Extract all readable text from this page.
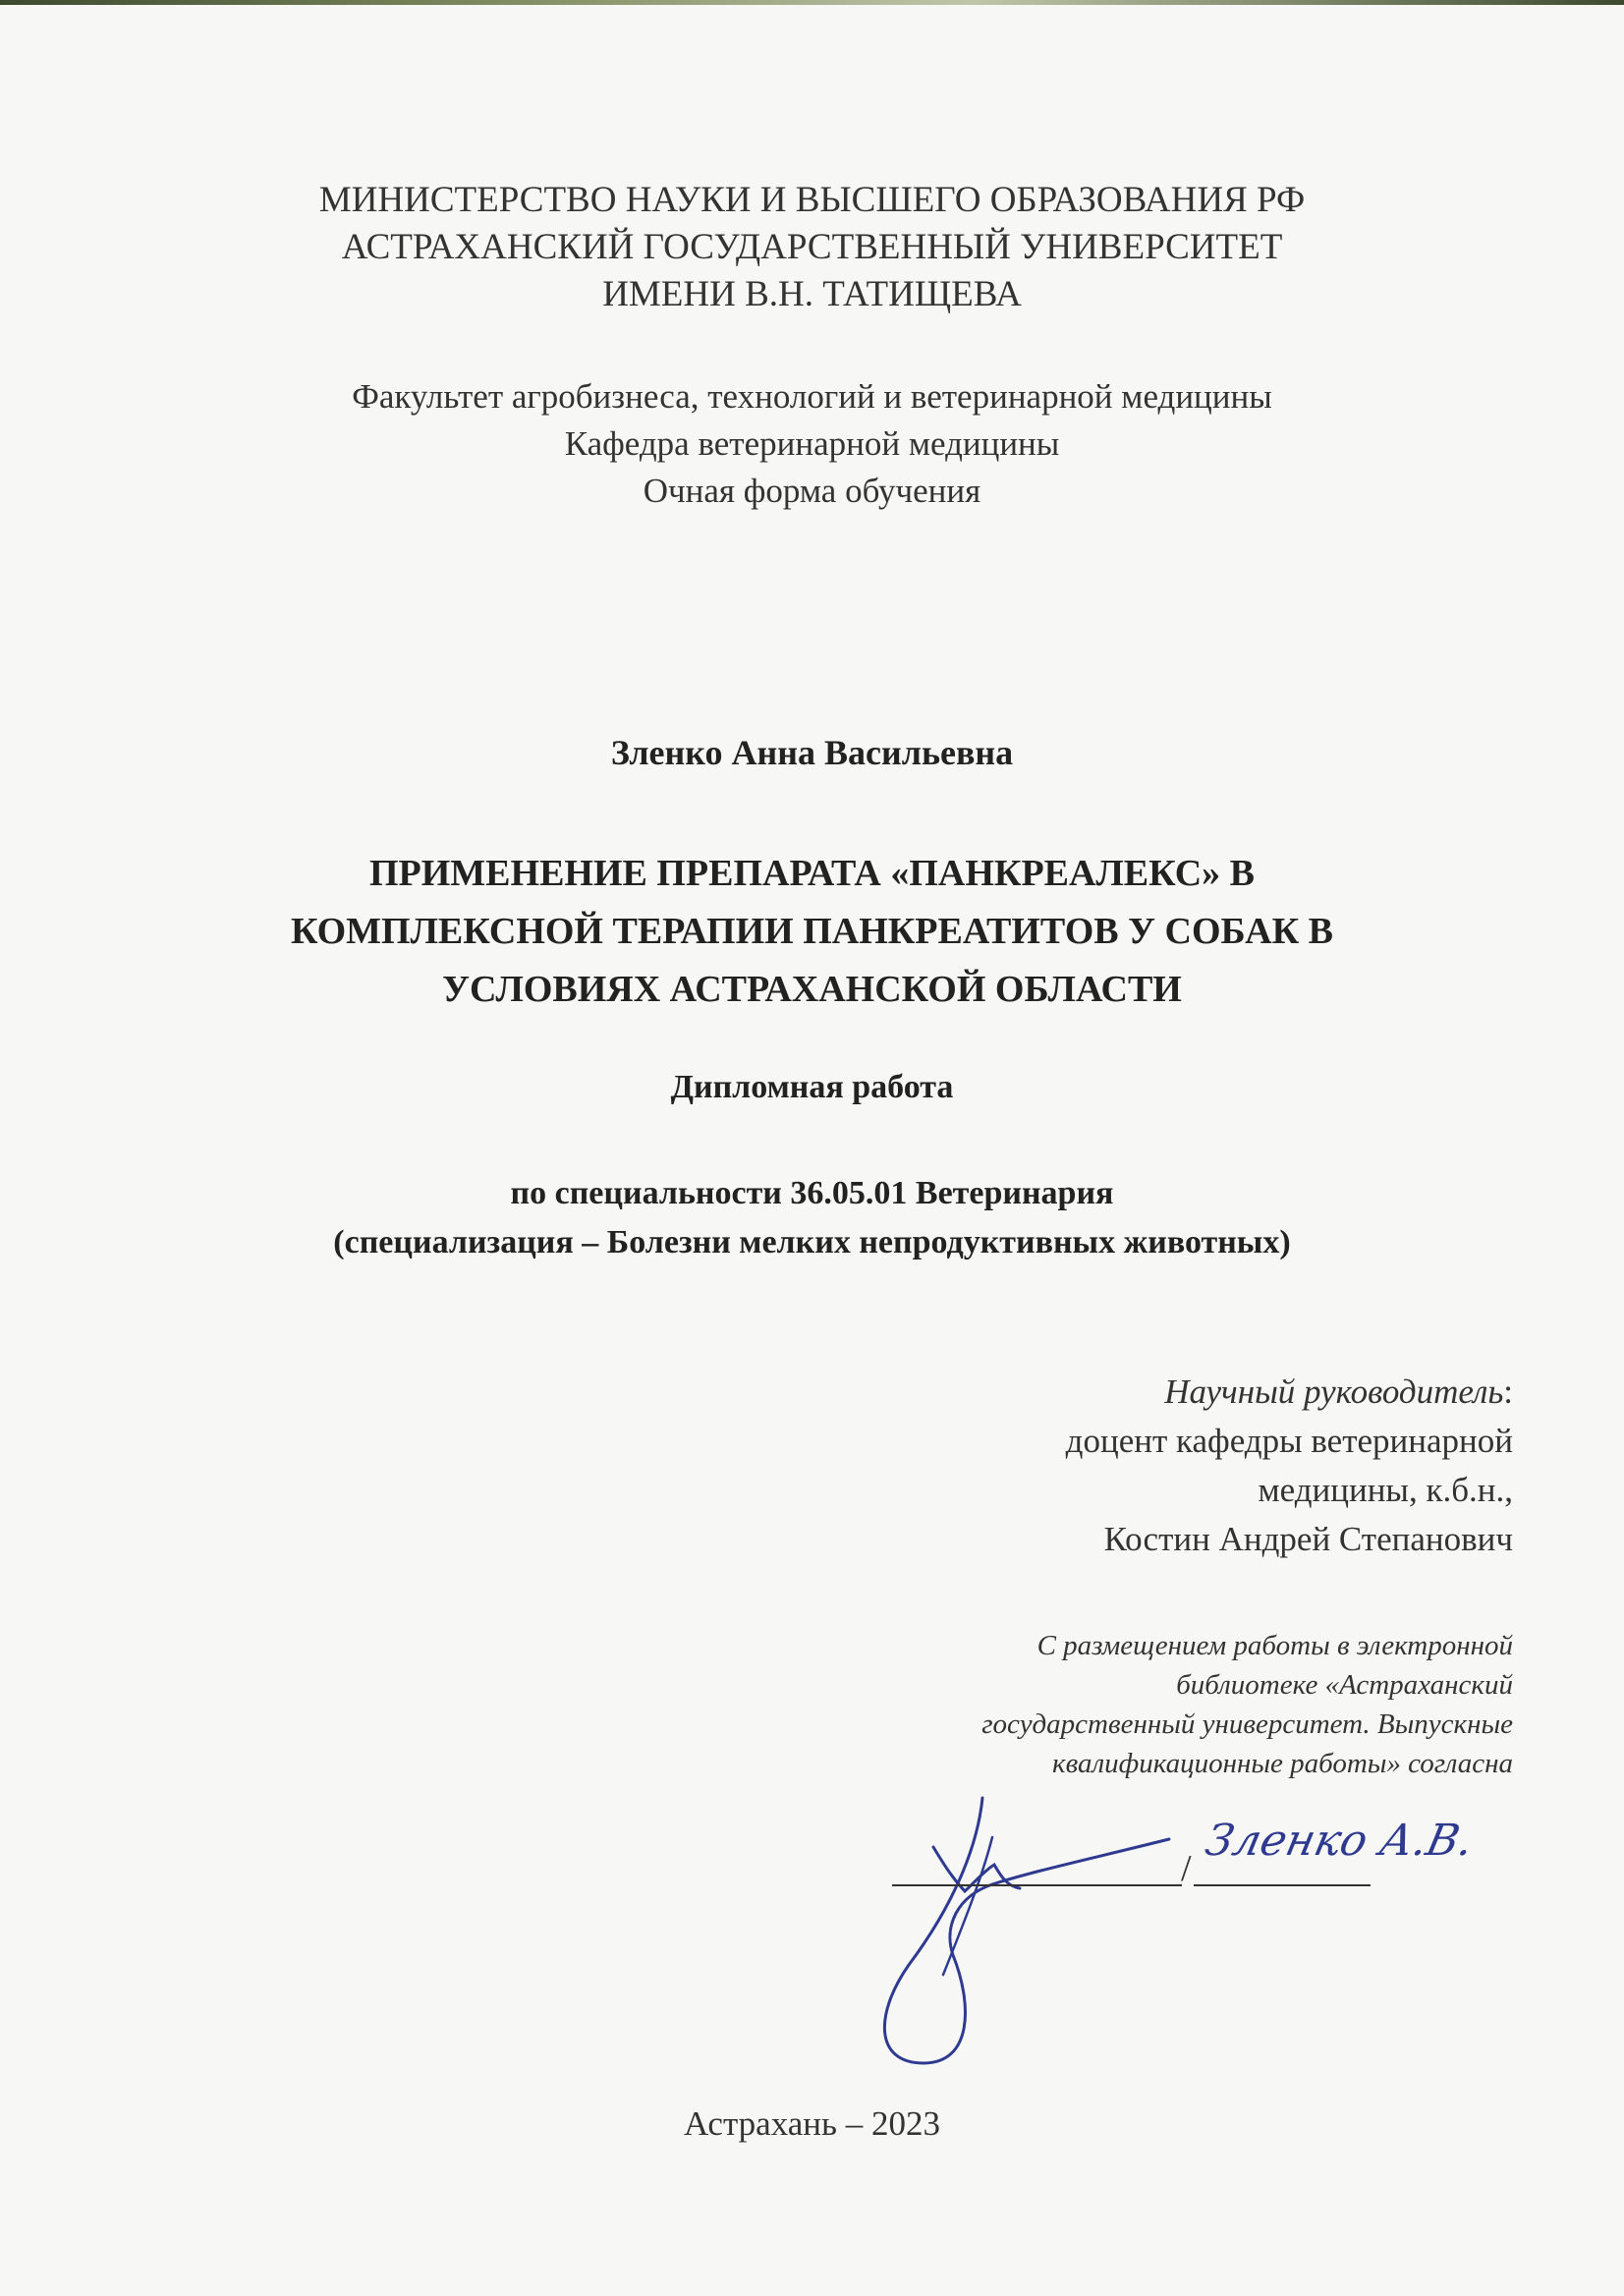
МИНИСТЕРСТВО НАУКИ И ВЫСШЕГО ОБРАЗОВАНИЯ РФ

АСТРАХАНСКИЙ ГОСУДАРСТВЕННЫЙ УНИВЕРСИТЕТ

ИМЕНИ В.Н. ТАТИЩЕВА

Факультет агробизнеса, технологий и ветеринарной медицины

Кафедра ветеринарной медицины

Очная форма обучения

Зленко Анна Васильевна

ПРИМЕНЕНИЕ ПРЕПАРАТА «ПАНКРЕАЛЕКС» В

КОМПЛЕКСНОЙ ТЕРАПИИ ПАНКРЕАТИТОВ У СОБАК В

УСЛОВИЯХ АСТРАХАНСКОЙ ОБЛАСТИ

Дипломная работа

по специальности 36.05.01 Ветеринария

(специализация – Болезни мелких непродуктивных животных)

Научный руководитель:

доцент кафедры ветеринарной

медицины, к.б.н.,

Костин Андрей Степанович

С размещением работы в электронной

библиотеке «Астраханский

государственный университет. Выпускные

квалификационные работы» согласна

/
Зленко А.В.
Астрахань – 2023
